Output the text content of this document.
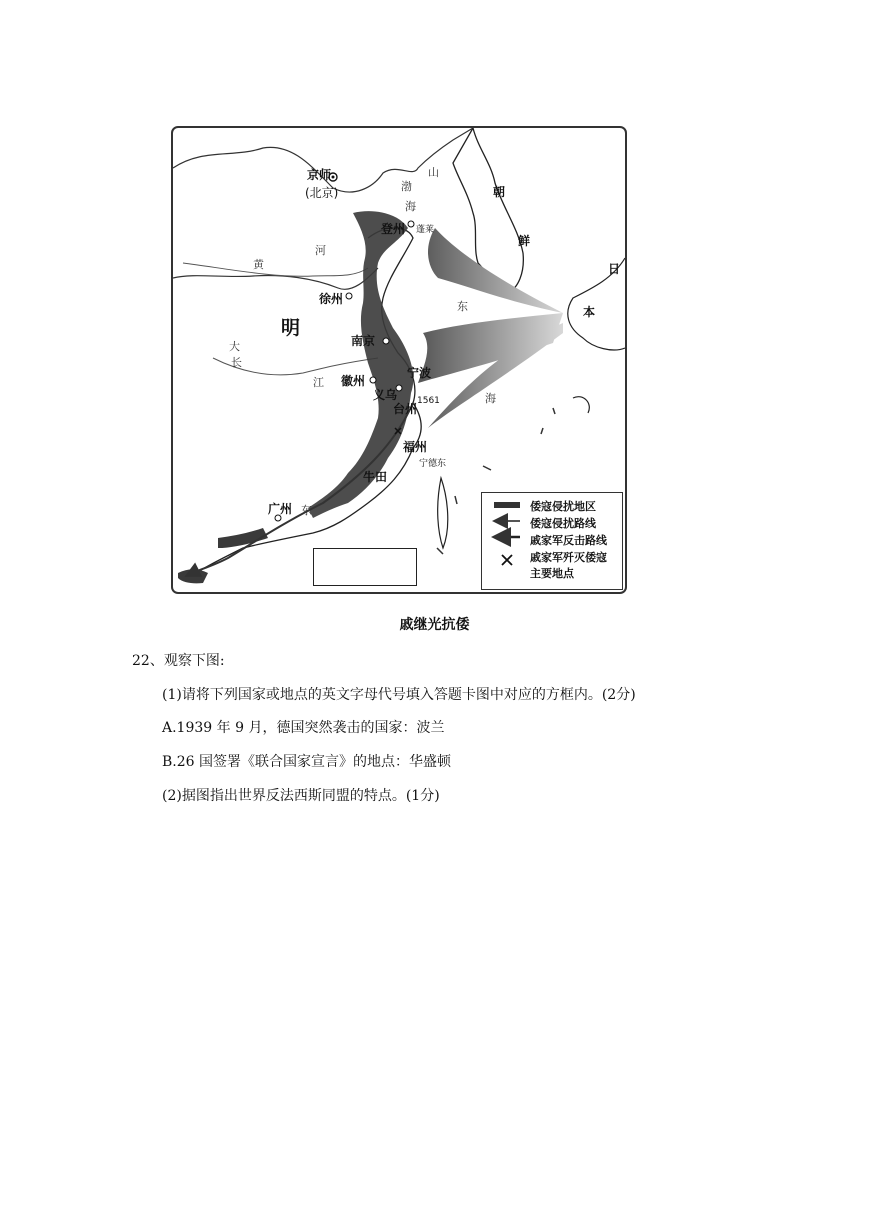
京师
(北京)
明
朝
鲜
日
本
徐州
南京
徽州
义乌
宁波
台州
1561
福州
宁德东
牛田
广州
登州 蓬莱
渤
海
山
黄
河
大
长
江
东
海
东	倭寇侵扰地区
倭寇侵扰路线
戚家军反击路线
戚家军歼灭倭寇
主要地点
戚继光抗倭
22、观察下图:
(1)请将下列国家或地点的英文字母代号填入答题卡图中对应的方框内。(2分)
A.1939 年 9 月，德国突然袭击的国家：波兰
B.26 国签署《联合国家宣言》的地点：华盛顿
(2)据图指出世界反法西斯同盟的特点。(1分)
